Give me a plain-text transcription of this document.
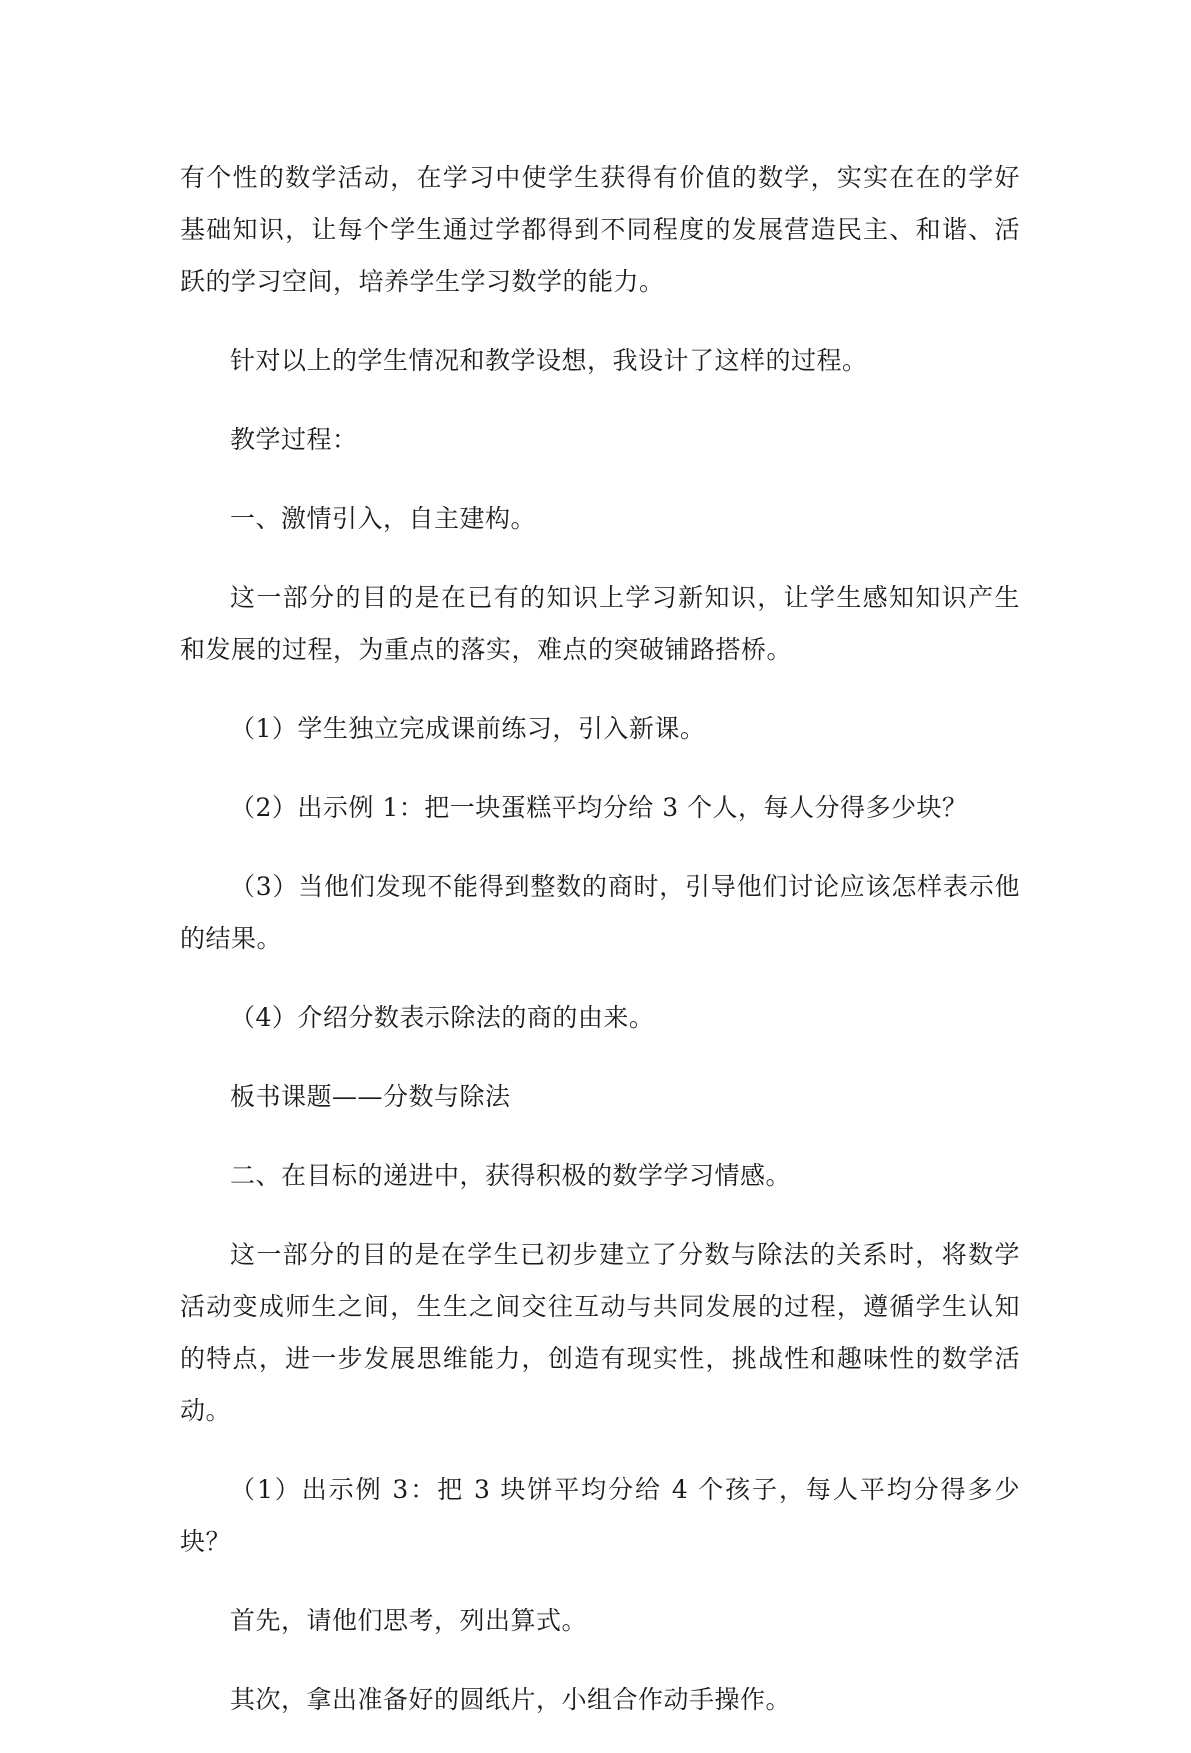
有个性的数学活动，在学习中使学生获得有价值的数学，实实在在的学好基础知识，让每个学生通过学都得到不同程度的发展营造民主、和谐、活跃的学习空间，培养学生学习数学的能力。

针对以上的学生情况和教学设想，我设计了这样的过程。

教学过程：

一、激情引入，自主建构。

这一部分的目的是在已有的知识上学习新知识，让学生感知知识产生和发展的过程，为重点的落实，难点的突破铺路搭桥。

（1）学生独立完成课前练习，引入新课。

（2）出示例 1：把一块蛋糕平均分给 3 个人，每人分得多少块？

（3）当他们发现不能得到整数的商时，引导他们讨论应该怎样表示他的结果。

（4）介绍分数表示除法的商的由来。

板书课题——分数与除法

二、在目标的递进中，获得积极的数学学习情感。

这一部分的目的是在学生已初步建立了分数与除法的关系时，将数学活动变成师生之间，生生之间交往互动与共同发展的过程，遵循学生认知的特点，进一步发展思维能力，创造有现实性，挑战性和趣味性的数学活动。

（1）出示例 3：把 3 块饼平均分给 4 个孩子，每人平均分得多少块？

首先，请他们思考，列出算式。

其次，拿出准备好的圆纸片，小组合作动手操作。
